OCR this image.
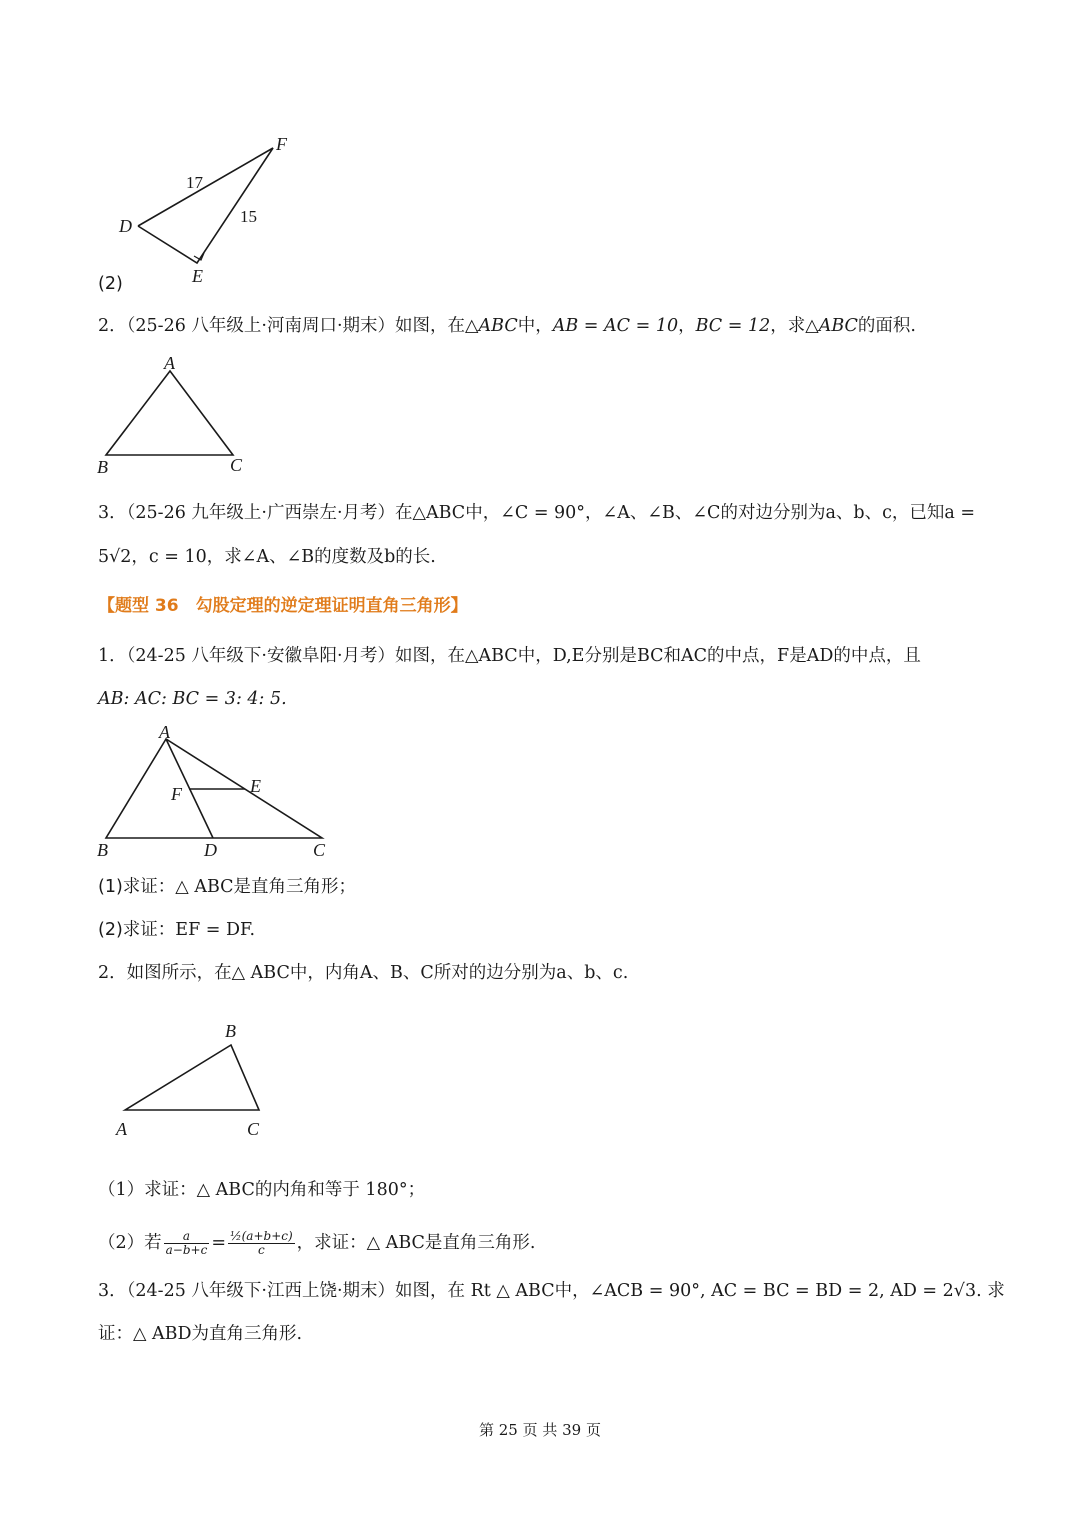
D
E
F
17
15
(2)
2．（25-26 八年级上·河南周口·期末）如图，在△ABC中，AB = AC = 10，BC = 12，求△ABC的面积.
A
B	C
3．（25-26 九年级上·广西崇左·月考）在△ABC中，∠C = 90°，∠A、∠B、∠C的对边分别为a、b、c，已知a =
5√2，c = 10，求∠A、∠B的度数及b的长.
【题型 36　勾股定理的逆定理证明直角三角形】
1．（24-25 八年级下·安徽阜阳·月考）如图，在△ABC中，D,E分别是BC和AC的中点，F是AD的中点，且
AB: AC: BC = 3: 4: 5.
A
B	C
D
E
F
(1)求证：△ ABC是直角三角形；
(2)求证：EF = DF.
2．如图所示，在△ ABC中，内角A、B、C所对的边分别为a、b、c.
A
B
C
（1）求证：△ ABC的内角和等于 180°；
（2）若 $\frac{a}{a-b+c} = \frac{\text{½(a+b+c)}}{c}$ ，求证：△ ABC是直角三角形.
3．（24-25 八年级下·江西上饶·期末）如图，在 Rt △ ABC中，∠ACB = 90°, AC = BC = BD = 2, AD = 2√3. 求
证：△ ABD为直角三角形.
第 25 页 共 39 页
